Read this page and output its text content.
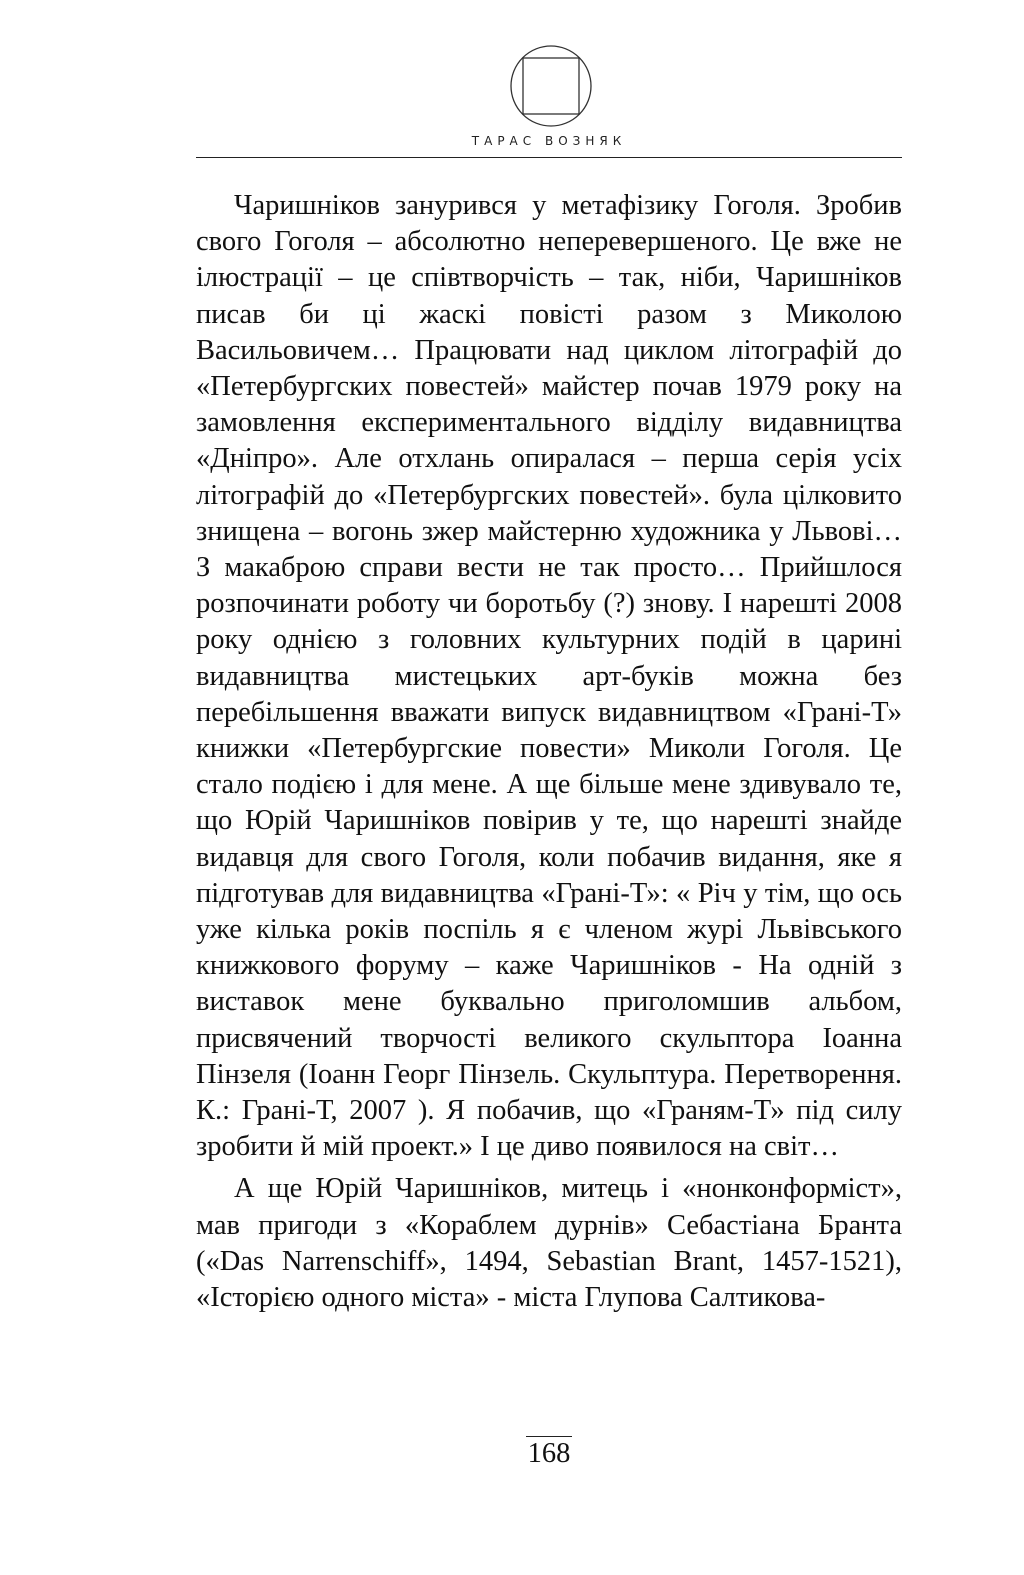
ТАРАС ВОЗНЯК

Чаришніков занурився у метафізику Гоголя. Зробив свого Гоголя – абсолютно неперевершеного. Це вже не ілюстрації – це співтворчість – так, ніби, Чаришніков писав би ці жаскі повісті разом з Миколою Васильовичем… Працювати над циклом літографій до «Петербургских повестей» майстер почав 1979 року на замовлення експериментального відділу видавництва «Дніпро». Але отхлань опиралася – перша серія усіх літографій до «Петербургских повестей». була цілковито знищена – вогонь зжер майстерню художника у Львові… З макаброю справи вести не так просто… Прийшлося розпочинати роботу чи боротьбу (?) знову. І нарешті 2008 року однією з головних культурних подій в царині видавництва мистецьких арт-буків можна без перебільшення вважати випуск видавництвом «Грані-Т» книжки «Петербургские повести» Миколи Гоголя. Це стало подією і для мене. А ще більше мене здивувало те, що Юрій Чаришніков повірив у те, що нарешті знайде видавця для свого Гоголя, коли побачив видання, яке я підготував для видавництва «Грані-Т»: « Річ у тім, що ось уже кілька років поспіль я є членом журі Львівського книжкового форуму – каже Чаришніков - На одній з виставок мене буквально приголомшив альбом, присвячений творчості великого скульптора Іоанна Пінзеля (Іоанн Георг Пінзель. Скульптура. Перетворення. К.: Грані-Т, 2007 ). Я побачив, що «Граням-Т» під силу зробити й мій проект.» І це диво появилося на світ…

А ще Юрій Чаришніков, митець і «нонконформіст», мав пригоди з «Кораблем дурнів» Себастіана Бранта («Das Narrenschiff», 1494, Sebastian Brant, 1457-1521), «Історією одного міста» - міста Глупова Салтикова-

168
